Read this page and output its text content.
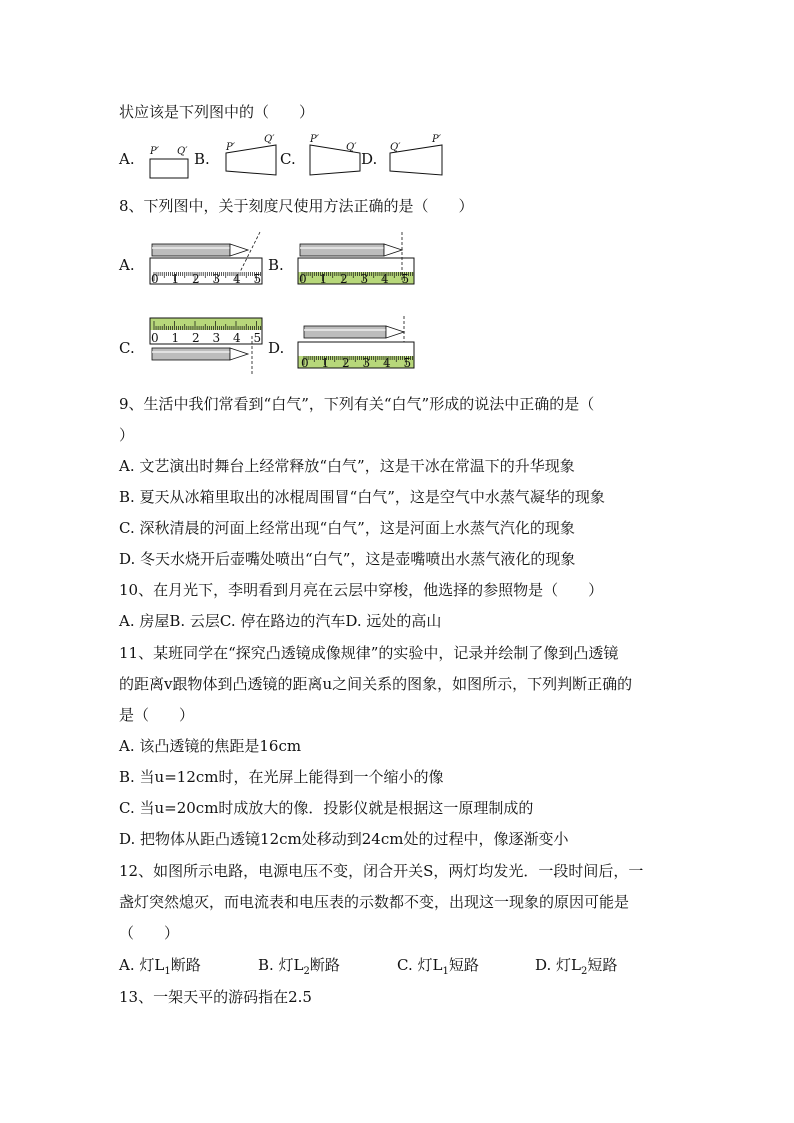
状应该是下列图中的（　　）
A. P′ Q′ B.
P′
Q′
C.
P′
Q′
D.
Q′
P′
8、下列图中，关于刻度尺使用方法正确的是（　　）
A.
0 1 2 3 4 5
B.
0 1 2 3 4 5
C.
0 1 2 3 4 5
D.
0 1 2 3 4 5
9、生活中我们常看到“白气”，下列有关“白气”形成的说法中正确的是（
）
A. 文艺演出时舞台上经常释放“白气”，这是干冰在常温下的升华现象
B. 夏天从冰箱里取出的冰棍周围冒“白气”，这是空气中水蒸气凝华的现象
C. 深秋清晨的河面上经常出现“白气”，这是河面上水蒸气汽化的现象
D. 冬天水烧开后壶嘴处喷出“白气”，这是壶嘴喷出水蒸气液化的现象
10、在月光下，李明看到月亮在云层中穿梭，他选择的参照物是（　　）
A. 房屋B. 云层C. 停在路边的汽车D. 远处的高山
11、某班同学在“探究凸透镜成像规律”的实验中，记录并绘制了像到凸透镜
的距离v跟物体到凸透镜的距离u之间关系的图象，如图所示，下列判断正确的
是（　　）
A. 该凸透镜的焦距是16cm
B. 当u=12cm时，在光屏上能得到一个缩小的像
C. 当u=20cm时成放大的像．投影仪就是根据这一原理制成的
D. 把物体从距凸透镜12cm处移动到24cm处的过程中，像逐渐变小
12、如图所示电路，电源电压不变，闭合开关S，两灯均发光．一段时间后，一
盏灯突然熄灭，而电流表和电压表的示数都不变，出现这一现象的原因可能是
（　　）
A. 灯$L_1$断路	B. 灯$L_2$断路	C. 灯$L_1$短路	D. 灯$L_2$短路
13、一架天平的游码指在2.5
